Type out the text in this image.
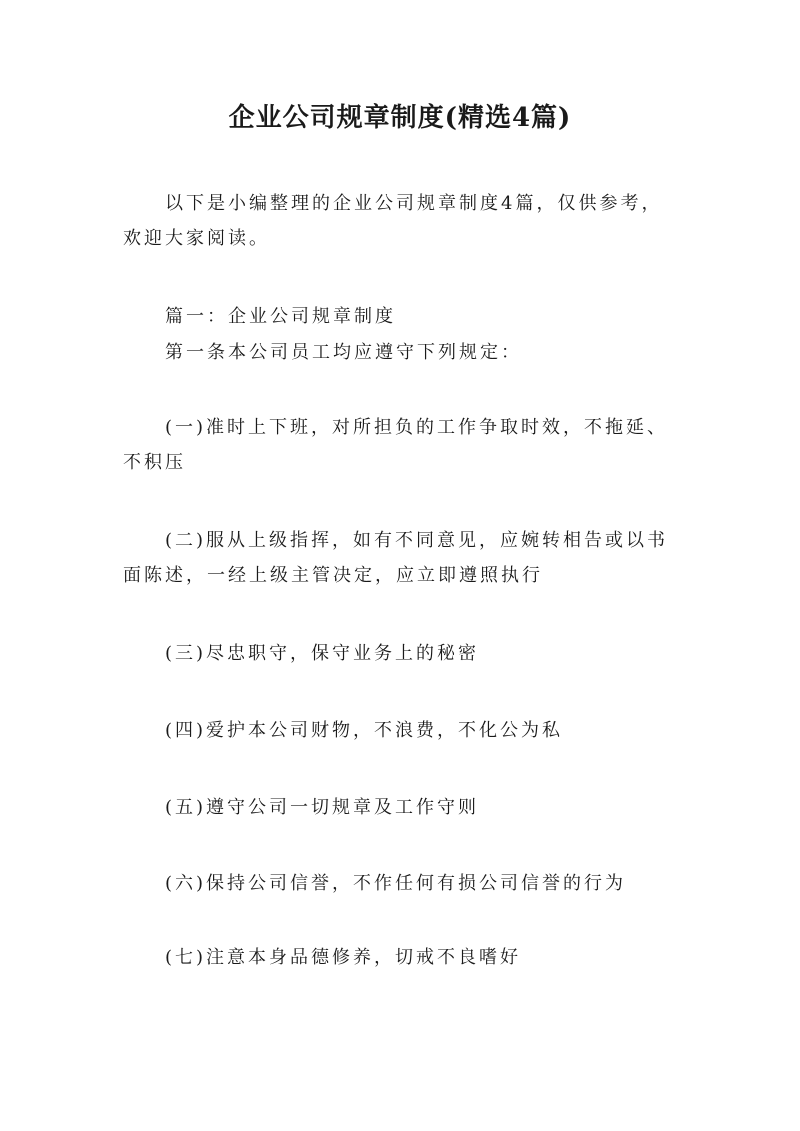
企业公司规章制度(精选4篇)

以下是小编整理的企业公司规章制度4篇，仅供参考，
欢迎大家阅读。

篇一：企业公司规章制度

第一条本公司员工均应遵守下列规定：

(一)准时上下班，对所担负的工作争取时效，不拖延、
不积压

(二)服从上级指挥，如有不同意见，应婉转相告或以书
面陈述，一经上级主管决定，应立即遵照执行

(三)尽忠职守，保守业务上的秘密

(四)爱护本公司财物，不浪费，不化公为私

(五)遵守公司一切规章及工作守则

(六)保持公司信誉，不作任何有损公司信誉的行为

(七)注意本身品德修养，切戒不良嗜好
